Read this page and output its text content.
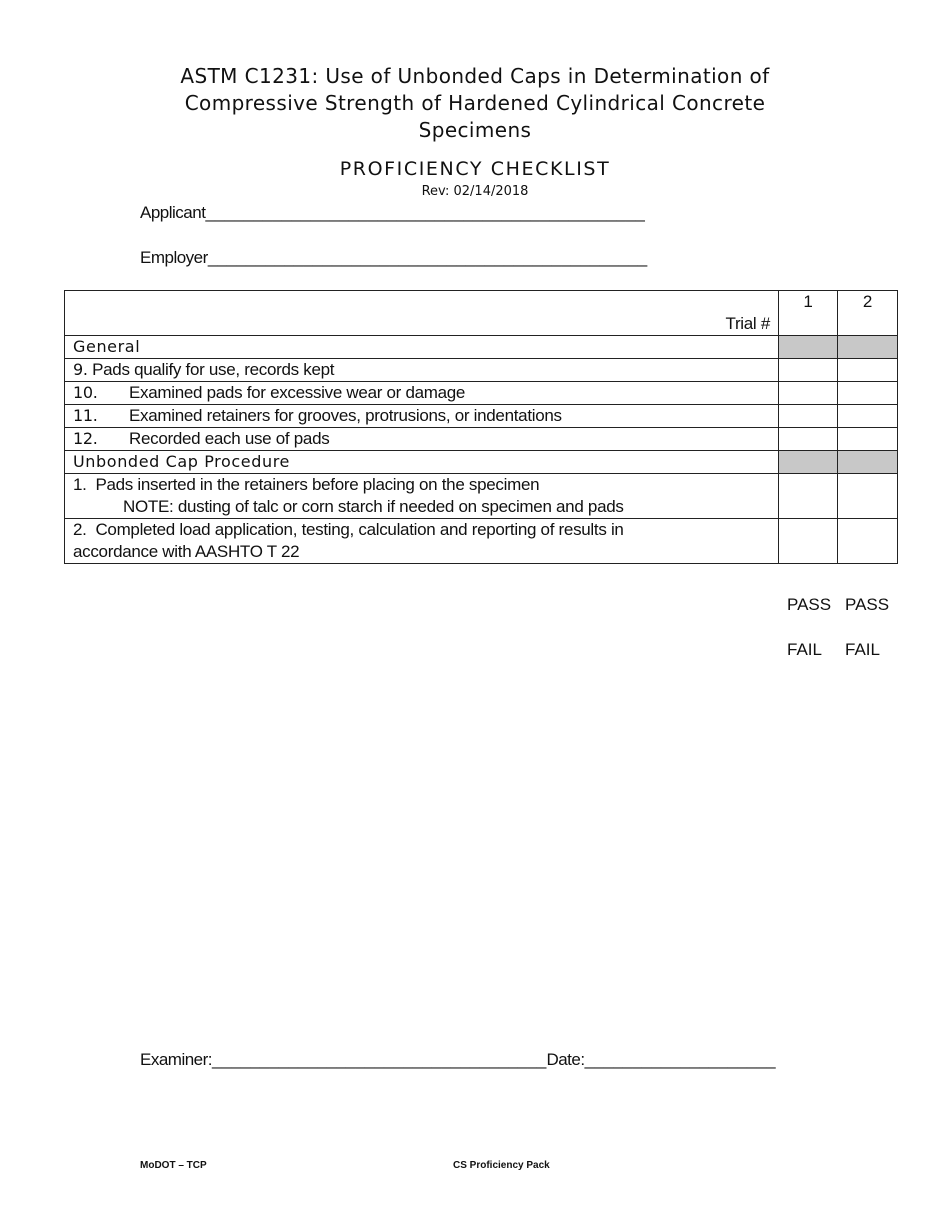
ASTM C1231: Use of Unbonded Caps in Determination of
Compressive Strength of Hardened Cylindrical Concrete
Specimens
PROFICIENCY CHECKLIST
Rev: 02/14/2018
Applicant______________________________________________
Employer______________________________________________
Trial #	1	2
General		
9. Pads qualify for use, records kept		
10. Examined pads for excessive wear or damage		
11. Examined retainers for grooves, protrusions, or indentations		
12. Recorded each use of pads		
Unbonded Cap Procedure		

1. Pads inserted in the retainers before placing on the specimen
NOTE: dusting of talc or corn starch if needed on specimen and pads		

2. Completed load application, testing, calculation and reporting of results in
accordance with AASHTO T 22		

PASS PASS
FAIL FAIL
Examiner:___________________________________Date:____________________
MoDOT – TCP	CS Proficiency Pack
